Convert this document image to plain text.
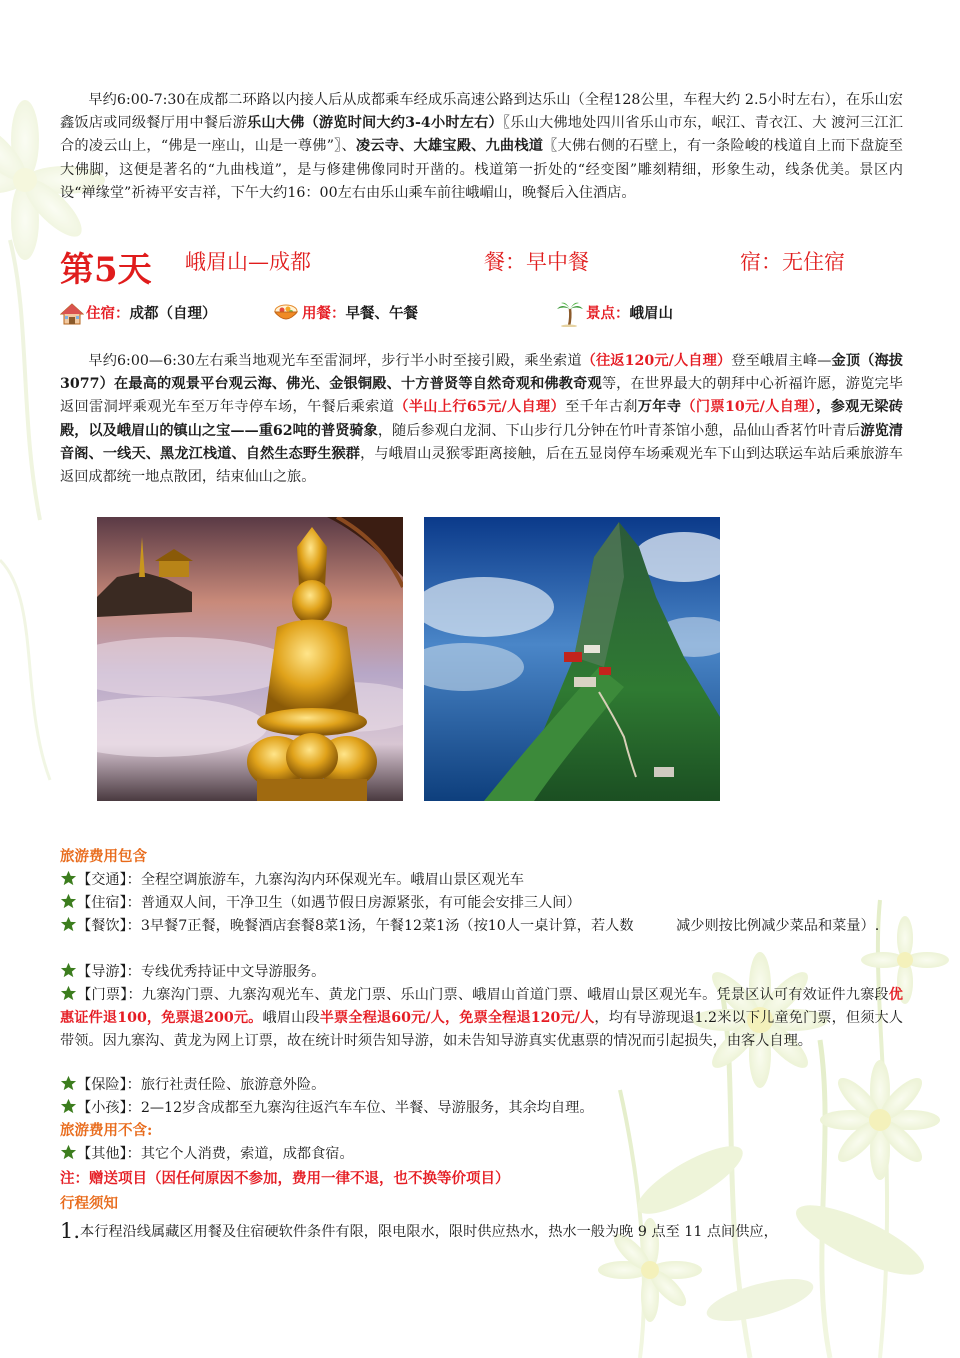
早约6:00-7:30在成都二环路以内接人后从成都乘车经成乐高速公路到达乐山（全程128公里，车程大约 2.5小时左右），在乐山宏鑫饭店或同级餐厅用中餐后游乐山大佛（游览时间大约3-4小时左右）〖乐山大佛地处四川省乐山市东，岷江、青衣江、大 渡河三江汇合的凌云山上，“佛是一座山，山是一尊佛”〗、凌云寺、大雄宝殿、九曲栈道〖大佛右侧的石壁上，有一条险峻的栈道自上而下盘旋至大佛脚，这便是著名的“九曲栈道”，是与修建佛像同时开凿的。栈道第一折处的“经变图”雕刻精细，形象生动，线条优美。景区内设“禅缘堂”祈祷平安吉祥，下午大约16：00左右由乐山乘车前往峨嵋山，晚餐后入住酒店。
第5天 峨眉山—成都	餐：早中餐	宿：无住宿
住宿：成都（自理）	用餐：早餐、午餐	景点：峨眉山
早约6:00—6:30左右乘当地观光车至雷洞坪，步行半小时至接引殿，乘坐索道（往返120元/人自理）登至峨眉主峰—金顶（海拔3077）在最高的观景平台观云海、佛光、金银铜殿、十方普贤等自然奇观和佛教奇观等，在世界最大的朝拜中心祈福许愿，游览完毕返回雷洞坪乘观光车至万年寺停车场，午餐后乘索道（半山上行65元/人自理）至千年古刹万年寺（门票10元/人自理），参观无梁砖殿，以及峨眉山的镇山之宝——重62吨的普贤骑象，随后参观白龙洞、下山步行几分钟在竹叶青茶馆小憩，品仙山香茗竹叶青后游览清音阁、一线天、黑龙江栈道、自然生态野生猴群，与峨眉山灵猴零距离接触，后在五显岗停车场乘观光车下山到达联运车站后乘旅游车返回成都统一地点散团，结束仙山之旅。
旅游费用包含
【交通】：全程空调旅游车，九寨沟沟内环保观光车。峨眉山景区观光车
【住宿】：普通双人间，干净卫生（如遇节假日房源紧张，有可能会安排三人间）
【餐饮】：3早餐7正餐，晚餐酒店套餐8菜1汤，午餐12菜1汤（按10人一桌计算，若人数　　　减少则按比例减少菜品和菜量）.
【导游】：专线优秀持证中文导游服务。
【门票】：九寨沟门票、九寨沟观光车、黄龙门票、乐山门票、峨眉山首道门票、峨眉山景区观光车。凭景区认可有效证件九寨段优惠证件退100，免票退200元。峨眉山段半票全程退60元/人，免票全程退120元/人，均有导游现退1.2米以下儿童免门票，但须大人带领。因九寨沟、黄龙为网上订票，故在统计时须告知导游，如未告知导游真实优惠票的情况而引起损失，由客人自理。
【保险】：旅行社责任险、旅游意外险。
【小孩】：2—12岁含成都至九寨沟往返汽车车位、半餐、导游服务，其余均自理。
旅游费用不含:
【其他】：其它个人消费，索道，成都食宿。
注：赠送项目（因任何原因不参加，费用一律不退，也不换等价项目）
行程须知
1.本行程沿线属藏区用餐及住宿硬软件条件有限，限电限水，限时供应热水，热水一般为晚 9 点至 11 点间供应，
